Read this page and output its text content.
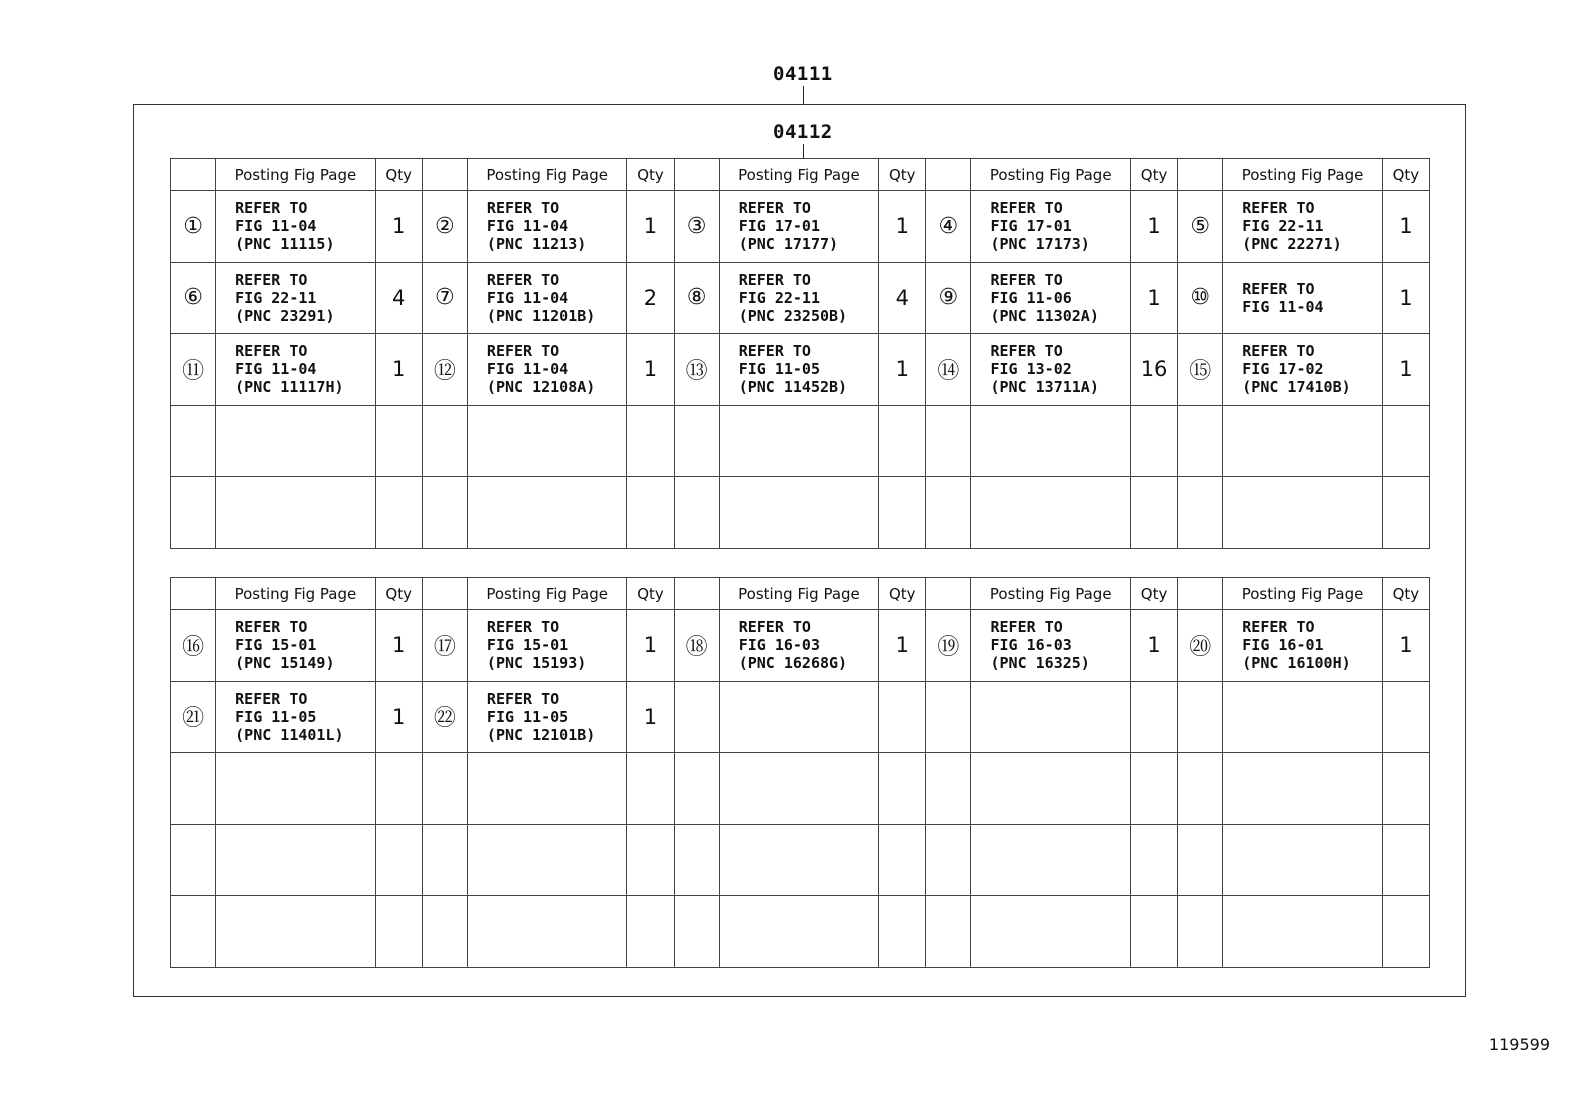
04111
04112
	Posting Fig Page	Qty		Posting Fig Page	Qty		Posting Fig Page	Qty		Posting Fig Page	Qty		Posting Fig Page	Qty
①	REFER TO
FIG 11-04
(PNC 11115)	1	②	REFER TO
FIG 11-04
(PNC 11213)	1	③	REFER TO
FIG 17-01
(PNC 17177)	1	④	REFER TO
FIG 17-01
(PNC 17173)	1	⑤	REFER TO
FIG 22-11
(PNC 22271)	1
⑥	REFER TO
FIG 22-11
(PNC 23291)	4	⑦	REFER TO
FIG 11-04
(PNC 11201B)	2	⑧	REFER TO
FIG 22-11
(PNC 23250B)	4	⑨	REFER TO
FIG 11-06
(PNC 11302A)	1	⑩	REFER TO
FIG 11-04	1
⑪	REFER TO
FIG 11-04
(PNC 11117H)	1	⑫	REFER TO
FIG 11-04
(PNC 12108A)	1	⑬	REFER TO
FIG 11-05
(PNC 11452B)	1	⑭	REFER TO
FIG 13-02
(PNC 13711A)	16	⑮	REFER TO
FIG 17-02
(PNC 17410B)	1

	Posting Fig Page	Qty		Posting Fig Page	Qty		Posting Fig Page	Qty		Posting Fig Page	Qty		Posting Fig Page	Qty
⑯	REFER TO
FIG 15-01
(PNC 15149)	1	⑰	REFER TO
FIG 15-01
(PNC 15193)	1	⑱	REFER TO
FIG 16-03
(PNC 16268G)	1	⑲	REFER TO
FIG 16-03
(PNC 16325)	1	⑳	REFER TO
FIG 16-01
(PNC 16100H)	1
㉑	REFER TO
FIG 11-05
(PNC 11401L)	1	㉒	REFER TO
FIG 11-05
(PNC 12101B)	1									

119599
